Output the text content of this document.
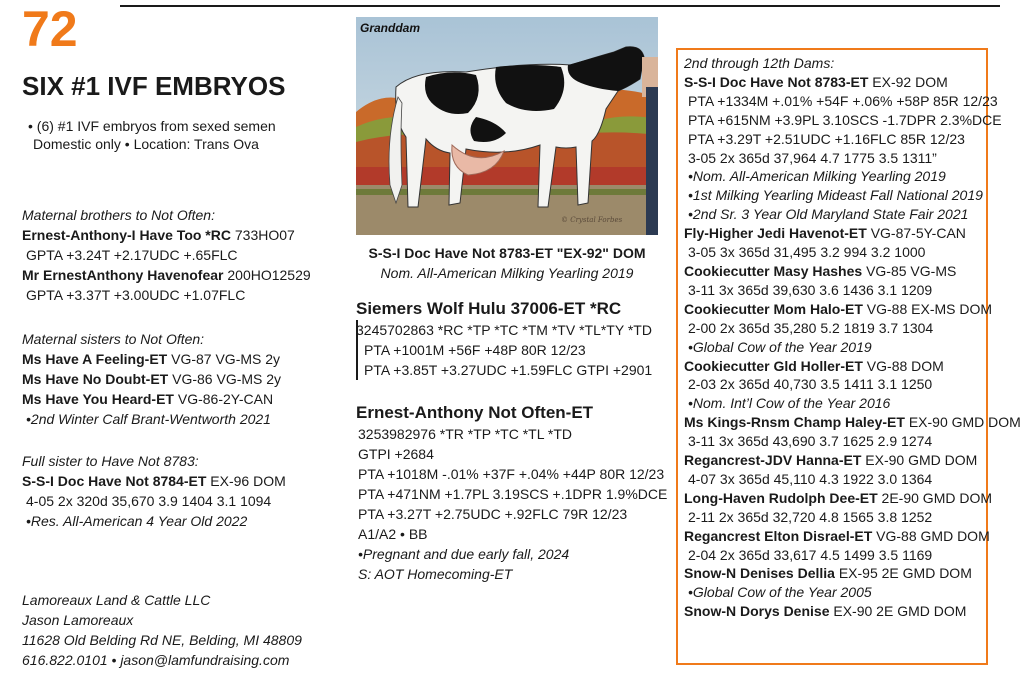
72
SIX #1 IVF EMBRYOS
• (6) #1 IVF embryos from sexed semen
Domestic only • Location: Trans Ova
Maternal brothers to Not Often:
Ernest-Anthony-I Have Too *RC 733HO07
GPTA +3.24T +2.17UDC +.65FLC
Mr ErnestAnthony Havenofear 200HO12529
GPTA +3.37T +3.00UDC +1.07FLC
Maternal sisters to Not Often:
Ms Have A Feeling-ET VG-87 VG-MS 2y
Ms Have No Doubt-ET VG-86 VG-MS 2y
Ms Have You Heard-ET VG-86-2Y-CAN
•2nd Winter Calf Brant-Wentworth 2021
Full sister to Have Not 8783:
S-S-I Doc Have Not 8784-ET EX-96 DOM
4-05 2x 320d 35,670 3.9 1404 3.1 1094
•Res. All-American 4 Year Old 2022
Lamoreaux Land & Cattle LLC
Jason Lamoreaux
11628 Old Belding Rd NE, Belding, MI 48809
616.822.0101 • jason@lamfundraising.com
© Crystal Forbes
Granddam
S-S-I Doc Have Not 8783-ET "EX-92" DOM
Nom. All-American Milking Yearling 2019
Siemers Wolf Hulu 37006-ET *RC
3245702863 *RC *TP *TC *TM *TV *TL*TY *TD
PTA +1001M +56F +48P 80R 12/23
PTA +3.85T +3.27UDC +1.59FLC GTPI +2901
Ernest-Anthony Not Often-ET
3253982976 *TR *TP *TC *TL *TD
GTPI +2684
PTA +1018M -.01% +37F +.04% +44P 80R 12/23
PTA +471NM +1.7PL 3.19SCS +.1DPR 1.9%DCE
PTA +3.27T +2.75UDC +.92FLC 79R 12/23
A1/A2 • BB
•Pregnant and due early fall, 2024
S: AOT Homecoming-ET
2nd through 12th Dams:
S-S-I Doc Have Not 8783-ET EX-92 DOM
PTA +1334M +.01% +54F +.06% +58P 85R 12/23
PTA +615NM +3.9PL 3.10SCS -1.7DPR 2.3%DCE
PTA +3.29T +2.51UDC +1.16FLC 85R 12/23
3-05 2x 365d 37,964 4.7 1775 3.5 1311”
•Nom. All-American Milking Yearling 2019
•1st Milking Yearling Mideast Fall National 2019
•2nd Sr. 3 Year Old Maryland State Fair 2021
Fly-Higher Jedi Havenot-ET VG-87-5Y-CAN
3-05 3x 365d 31,495 3.2 994 3.2 1000
Cookiecutter Masy Hashes VG-85 VG-MS
3-11 3x 365d 39,630 3.6 1436 3.1 1209
Cookiecutter Mom Halo-ET VG-88 EX-MS DOM
2-00 2x 365d 35,280 5.2 1819 3.7 1304
•Global Cow of the Year 2019
Cookiecutter Gld Holler-ET VG-88 DOM
2-03 2x 365d 40,730 3.5 1411 3.1 1250
•Nom. Int’l Cow of the Year 2016
Ms Kings-Rnsm Champ Haley-ET EX-90 GMD DOM
3-11 3x 365d 43,690 3.7 1625 2.9 1274
Regancrest-JDV Hanna-ET EX-90 GMD DOM
4-07 3x 365d 45,110 4.3 1922 3.0 1364
Long-Haven Rudolph Dee-ET 2E-90 GMD DOM
2-11 2x 365d 32,720 4.8 1565 3.8 1252
Regancrest Elton Disrael-ET VG-88 GMD DOM
2-04 2x 365d 33,617 4.5 1499 3.5 1169
Snow-N Denises Dellia EX-95 2E GMD DOM
•Global Cow of the Year 2005
Snow-N Dorys Denise EX-90 2E GMD DOM
